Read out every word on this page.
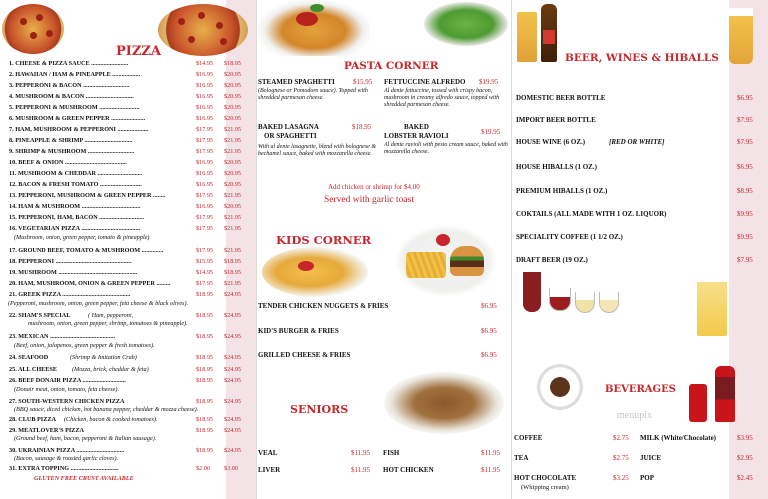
PIZZA
1. CHEESE & PIZZA SAUCE ........................	$14.95 $18.95
2. HAWAIIAN / HAM & PINEAPPLE ..................	$16.95 $20.95
3. PEPPERONI & BACON ..............................	$16.95 $20.95
4. MUSHROOM & BACON ...............................	$16.95 $20.95
5. PEPPERONI & MUSHROOM ..........................	$16.95 $20.95
6. MUSHROOM & GREEN PEPPER ......................	$16.95 $20.95
7. HAM, MUSHROOM & PEPPERONI ....................	$17.95 $21.95
8. PINEAPPLE & SHRIMP ...............................	$17.95 $21.95
9. SHRIMP & MUSHROOM ..............................	$17.95 $21.95
10. BEEF & ONION ........................................	$16.95 $20.95
11. MUSHROOM & CHEDDAR .............................	$16.95 $20.95
12. BACON & FRESH TOMATO ...........................	$16.95 $20.95
13. PEPPERONI, MUSHROOM & GREEN PEPPER ........	$17.95 $21.95
14. HAM & MUSHROOM ......................................	$16.95 $20.95
15. PEPPERONI, HAM, BACON .............................	$17.95 $21.95
16. VEGETARIAN PIZZA ......................................	$17.95 $21.95
(Mushroom, onion, green pepper, tomato & pineapple)
17. GROUND BEEF, TOMATO & MUSHROOM ..............	$17.95 $21.95
18. PEPPERONI .................................................	$15.95 $18.95
19. MUSHROOM ...................................................	$14.95 $18.95
20. HAM, MUSHROOM, ONION & GREEN PEPPER .........	$17.95 $21.95
21. GREEK PIZZA ............................................	$18.95 $24.95
(Pepperoni, mushroom, onion, green pepper, feta cheese & black olives).
22. SHAM'S SPECIAL	( Ham, pepperoni,	$18.95 $24.95
mushroom, onion, green pepper, shrimp, tomatoes & pineapple).
23. MEXICAN ..........................................	$18.95 $24.95
(Beef, onion, jalapenos, green pepper & fresh tomatoes).
24. SEAFOOD	(Shrimp & Imitation Crab)	$18.95 $24.95
25. ALL CHEESE (Mozza, brick, cheddar & feta)	$18.95 $24.95
26. BEEF DONAIR PIZZA ............................	$18.95 $24.95
(Donair meat, onion, tomato, feta cheese).
27. SOUTH-WESTERN CHICKEN PIZZA	$18.95 $24.95
(BBQ sauce, diced chicken, hot banana pepper, cheddar & mozza cheese).
28. CLUB PIZZA (Chicken, bacon & cooked tomatoes).	$18.95 $24.95
29. MEATLOVER'S PIZZA	$18.95 $24.95
(Ground beef, ham, bacon, pepperoni & Italian sausage).
30. UKRAINIAN PIZZA ...............................	$18.95 $24.95
(Bacon, sausage & roasted garlic cloves).
31. EXTRA TOPPING ...............................	$2.00 $3.00
GLUTEN FREE CRUST AVAILABLE
PASTA CORNER
STEAMED SPAGHETTI	$15.95
(Bolognese or Pomodoro sauce). Topped with shredded parmesan cheese.
FETTUCCINE ALFREDO $19.95
Al dente fettuccine, tossed with crispy bacon, mushroom in creamy alfredo sauce, topped with shredded parmesan cheese.
BAKED LASAGNA
OR SPAGHETTI
$18.95
With al dente lasagnette, blend with bolognese & bechamel sauce, baked with mozzarella cheese.
BAKED
LOBSTER RAVIOLI	$19.95
Al dente ravioli with pesto cream sauce, baked with mozzarella cheese.
Add chicken or shrimp for $4.00
Served with garlic toast
KIDS CORNER
TENDER CHICKEN NUGGETS & FRIES	$6.95
KID'S BURGER & FRIES	$6.95
GRILLED CHEESE & FRIES	$6.95
SENIORS
VEAL	$11.95 FISH	$11.95
LIVER	$11.95 HOT CHICKEN	$11.95
BEER, WINES & HIBALLS
DOMESTIC BEER BOTTLE	$6.95
IMPORT BEER BOTTLE	$7.95
HOUSE WINE (6 OZ.)	[RED OR WHITE]	$7.95
HOUSE HIBALLS (1 OZ.)	$6.95
PREMIUM HIBALLS (1 OZ.)	$8.95
COKTAILS (ALL MADE WITH 1 OZ. LIQUOR)	$9.95
SPECIALITY COFFEE (1 1/2 OZ.)	$9.95
DRAFT BEER (19 OZ.)	$7.95
BEVERAGES
menupix
COFFEE	$2.75
TEA	$2.75
HOT CHOCOLATE	$3.25
(Whipping cream)
MILK (White/Chocolate)	$3.95
JUICE	$2.95
POP	$2.45
